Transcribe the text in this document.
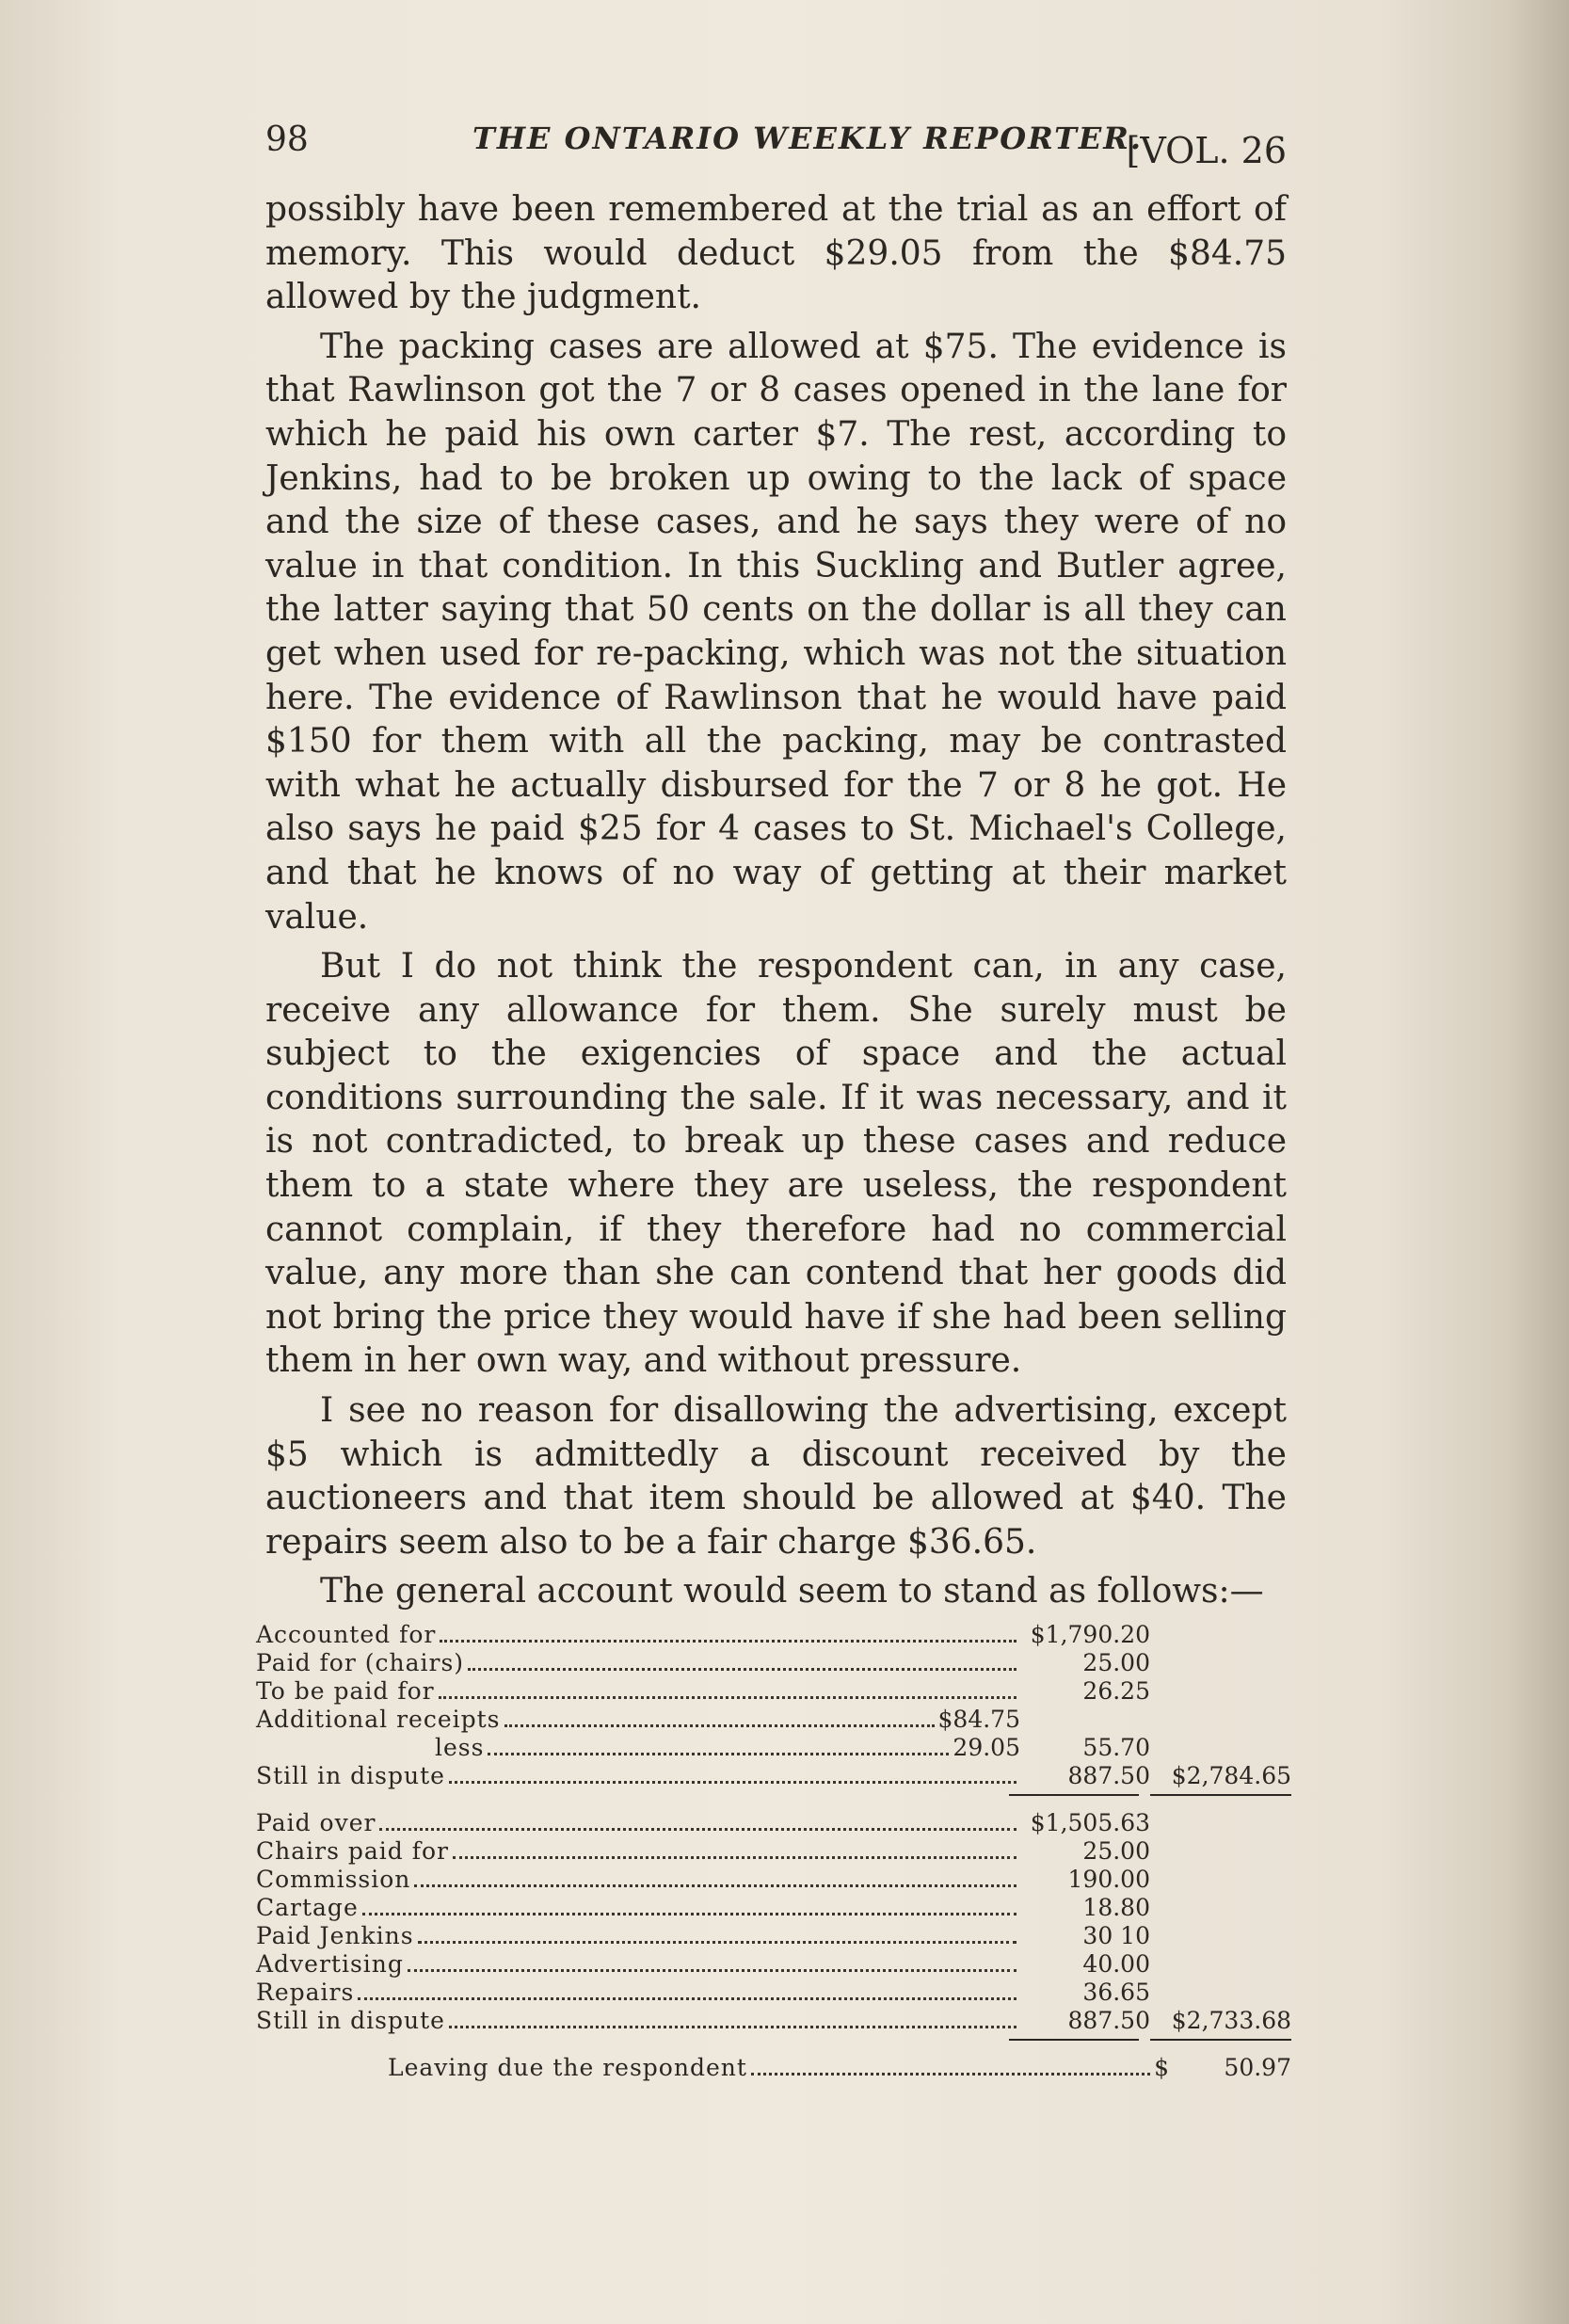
98	THE ONTARIO WEEKLY REPORTER.
[VOL. 26

possibly have been remembered at the trial as an effort of memory. This would deduct $29.05 from the $84.75 allowed by the judgment.

The packing cases are allowed at $75. The evidence is that Rawlinson got the 7 or 8 cases opened in the lane for which he paid his own carter $7. The rest, according to Jenkins, had to be broken up owing to the lack of space and the size of these cases, and he says they were of no value in that condition. In this Suckling and Butler agree, the latter saying that 50 cents on the dollar is all they can get when used for re-packing, which was not the situation here. The evidence of Rawlinson that he would have paid $150 for them with all the packing, may be contrasted with what he actually disbursed for the 7 or 8 he got. He also says he paid $25 for 4 cases to St. Michael's College, and that he knows of no way of getting at their market value.

But I do not think the respondent can, in any case, receive any allowance for them. She surely must be subject to the exigencies of space and the actual conditions surrounding the sale. If it was necessary, and it is not contradicted, to break up these cases and reduce them to a state where they are useless, the respondent cannot complain, if they therefore had no commercial value, any more than she can contend that her goods did not bring the price they would have if she had been selling them in her own way, and without pressure.

I see no reason for disallowing the advertising, except $5 which is admittedly a discount received by the auctioneers and that item should be allowed at $40. The repairs seem also to be a fair charge $36.65.

The general account would seem to stand as follows:—

Accounted for	$1,790.20
Paid for (chairs)	25.00
To be paid for	26.25
Additional receipts	$84.75
less	29.05	55.70
Still in dispute	887.50 $2,784.65
Paid over	$1,505.63
Chairs paid for	25.00
Commission	190.00
Cartage	18.80
Paid Jenkins	30 10
Advertising	40.00
Repairs	36.65
Still in dispute	887.50 $2,733.68
Leaving due the respondent	$	50.97
